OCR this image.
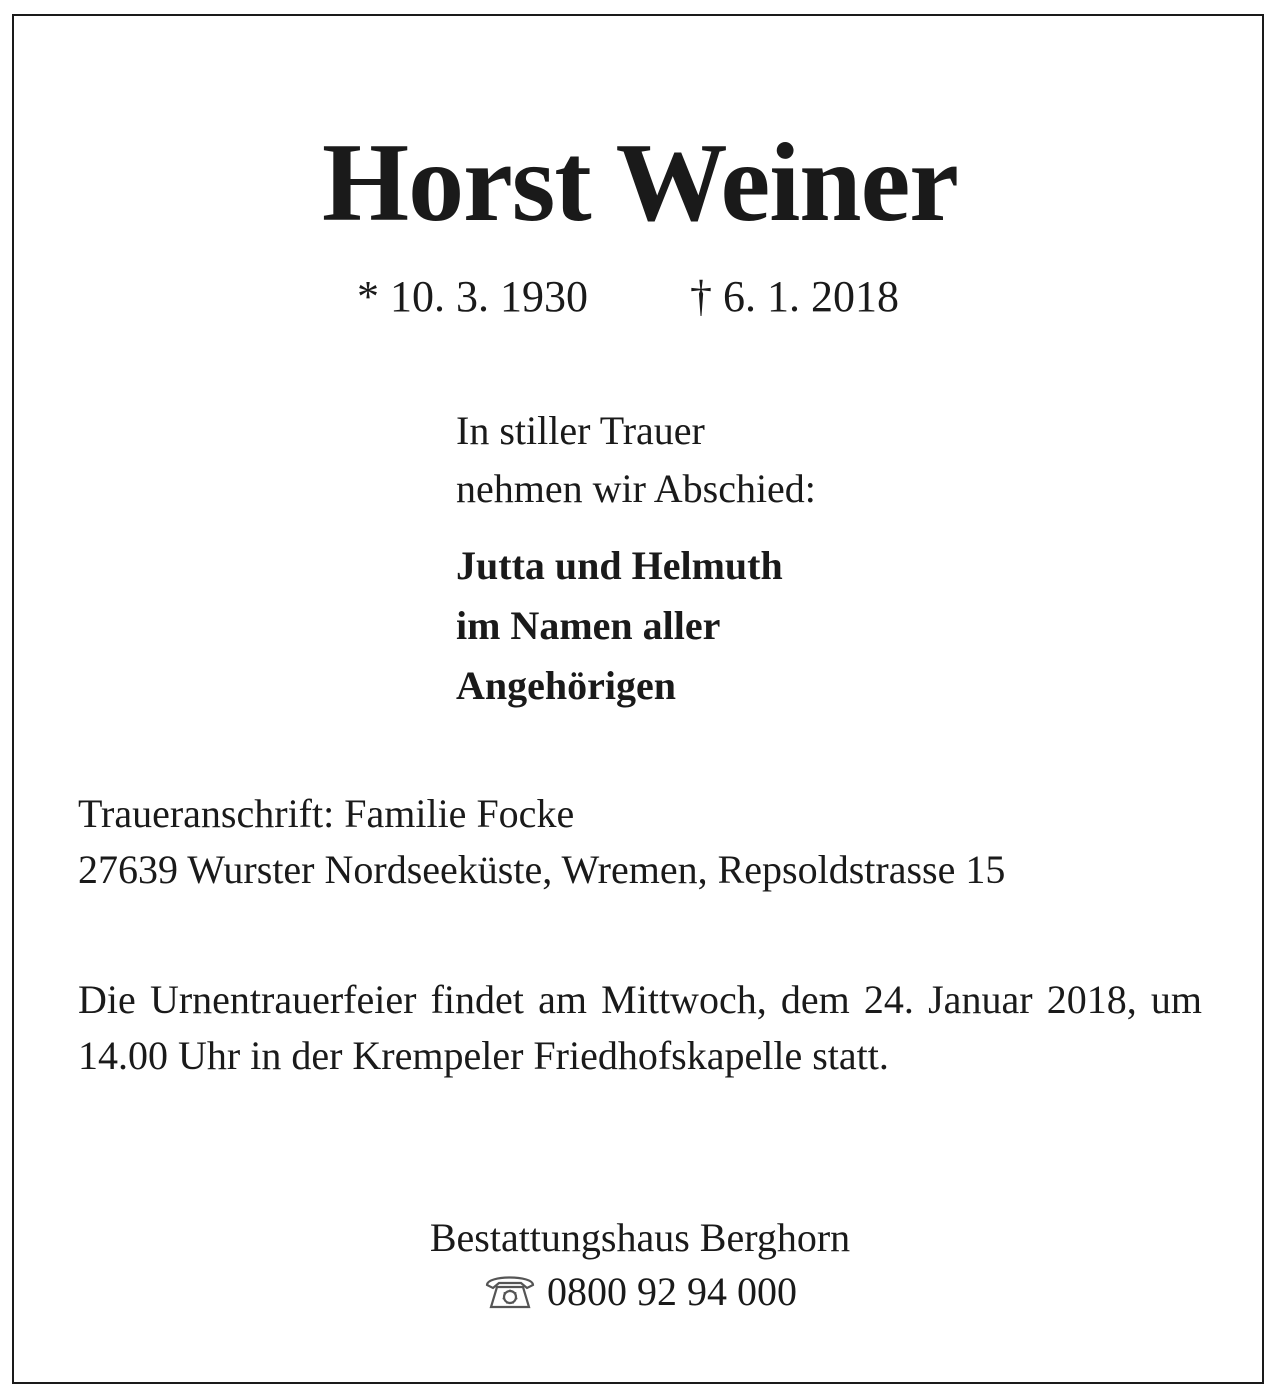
Horst Weiner
* 10. 3. 1930 † 6. 1. 2018
In stiller Trauer
nehmen wir Abschied:
Jutta und Helmuth
im Namen aller
Angehörigen
Traueranschrift: Familie Focke
27639 Wurster Nordseeküste, Wremen, Repsoldstrasse 15
Die Urnentrauerfeier findet am Mittwoch, dem 24. Januar 2018, um 14.00 Uhr in der Krempeler Friedhofskapelle statt.
Bestattungshaus Berghorn
0800 92 94 000
